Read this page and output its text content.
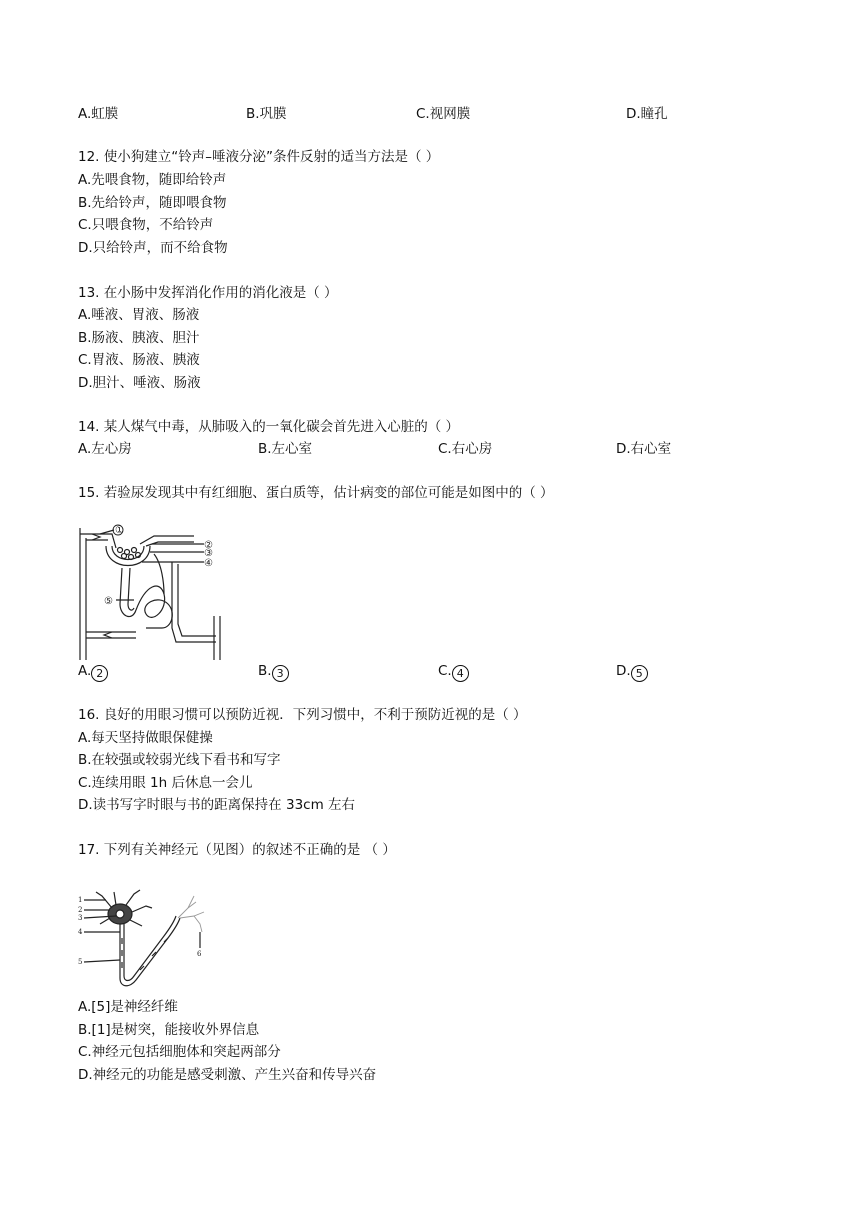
A.虹膜	B.巩膜	C.视网膜	D.瞳孔
12. 使小狗建立“铃声–唾液分泌”条件反射的适当方法是（ ）
A.先喂食物，随即给铃声
B.先给铃声，随即喂食物
C.只喂食物，不给铃声
D.只给铃声，而不给食物
13. 在小肠中发挥消化作用的消化液是（ ）
A.唾液、胃液、肠液
B.肠液、胰液、胆汁
C.胃液、肠液、胰液
D.胆汁、唾液、肠液
14. 某人煤气中毒，从肺吸入的一氧化碳会首先进入心脏的（ ）
A.左心房	B.左心室	C.右心房	D.右心室
15. 若验尿发现其中有红细胞、蛋白质等，估计病变的部位可能是如图中的（ ）
①
②
③
④
⑤
A. 2	B. 3	C. 4	D. 5
16. 良好的用眼习惯可以预防近视．下列习惯中，不利于预防近视的是（ ）
A.每天坚持做眼保健操
B.在较强或较弱光线下看书和写字
C.连续用眼 1h 后休息一会儿
D.读书写字时眼与书的距离保持在 33cm 左右
17. 下列有关神经元（见图）的叙述不正确的是 （ ）
1
2
3
4
5
6
A.[5]是神经纤维
B.[1]是树突，能接收外界信息
C.神经元包括细胞体和突起两部分
D.神经元的功能是感受刺激、产生兴奋和传导兴奋
